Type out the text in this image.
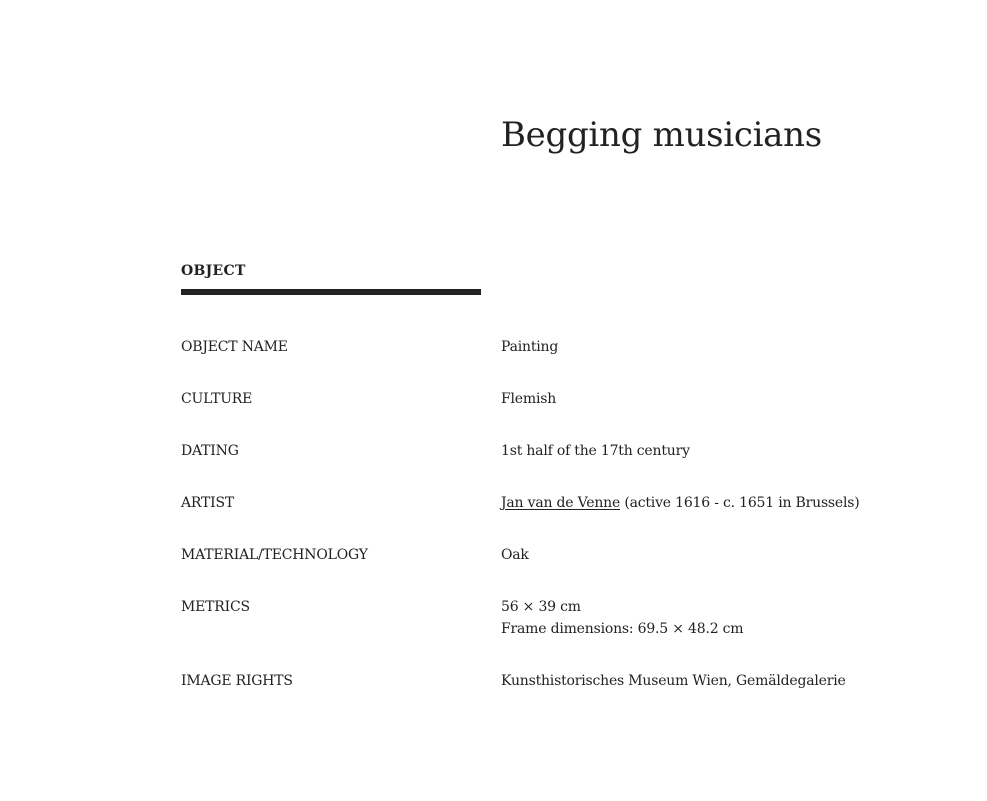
Begging musicians
OBJECT
OBJECT NAME	Painting
CULTURE	Flemish
DATING	1st half of the 17th century
ARTIST	Jan van de Venne (active 1616 - c. 1651 in Brussels)
MATERIAL/TECHNOLOGY	Oak
METRICS	56 × 39 cm
Frame dimensions: 69.5 × 48.2 cm
IMAGE RIGHTS	Kunsthistorisches Museum Wien, Gemäldegalerie
